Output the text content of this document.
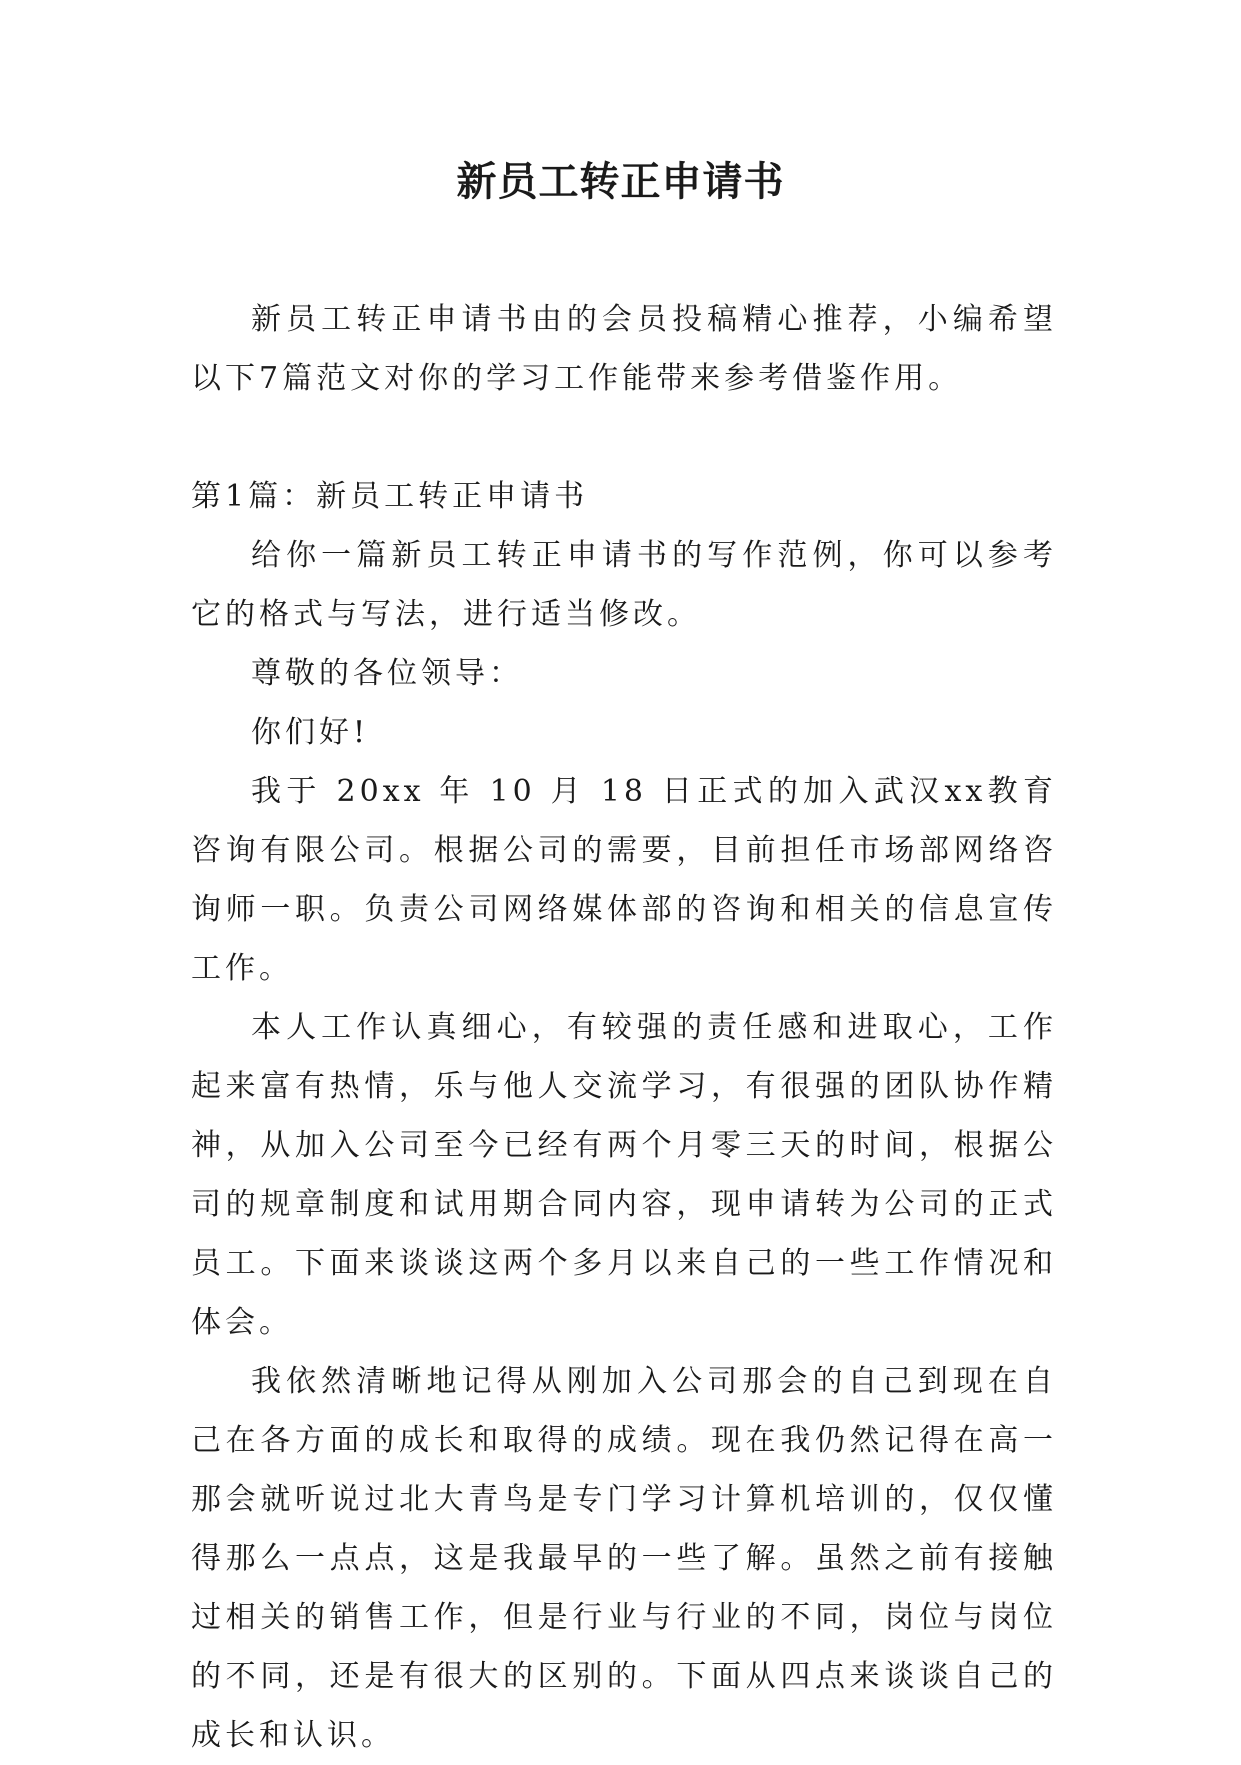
新员工转正申请书

新员工转正申请书由的会员投稿精心推荐，小编希望以下7篇范文对你的学习工作能带来参考借鉴作用。

第1篇：新员工转正申请书

给你一篇新员工转正申请书的写作范例，你可以参考它的格式与写法，进行适当修改。

尊敬的各位领导：

你们好!

我于 20xx 年 10 月 18 日正式的加入武汉xx教育咨询有限公司。根据公司的需要，目前担任市场部网络咨询师一职。负责公司网络媒体部的咨询和相关的信息宣传工作。

本人工作认真细心，有较强的责任感和进取心，工作起来富有热情，乐与他人交流学习，有很强的团队协作精神，从加入公司至今已经有两个月零三天的时间，根据公司的规章制度和试用期合同内容，现申请转为公司的正式员工。下面来谈谈这两个多月以来自己的一些工作情况和体会。

我依然清晰地记得从刚加入公司那会的自己到现在自己在各方面的成长和取得的成绩。现在我仍然记得在高一那会就听说过北大青鸟是专门学习计算机培训的，仅仅懂得那么一点点，这是我最早的一些了解。虽然之前有接触过相关的销售工作，但是行业与行业的不同，岗位与岗位的不同，还是有很大的区别的。下面从四点来谈谈自己的成长和认识。
